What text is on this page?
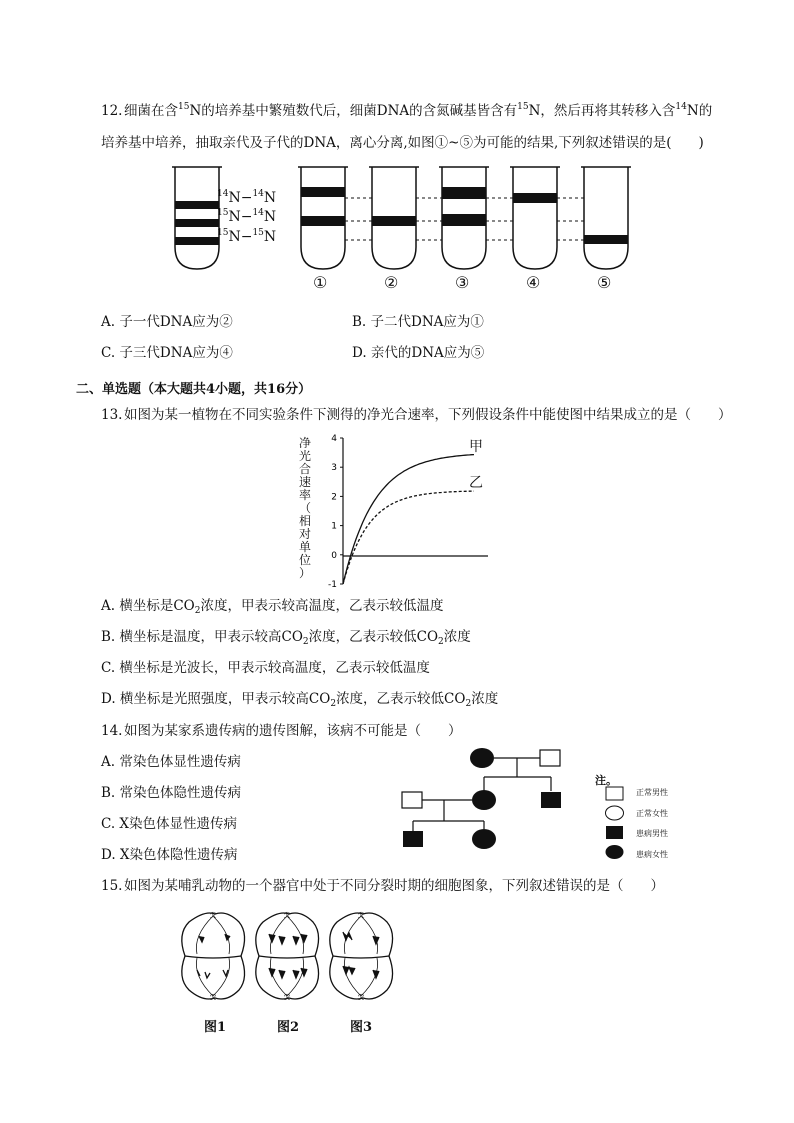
12. 细菌在含$^{15}$N的培养基中繁殖数代后，细菌DNA的含氮碱基皆含有$^{15}$N，然后再将其转移入含$^{14}$N的
培养基中培养，抽取亲代及子代的DNA，离心分离,如图①~⑤为可能的结果,下列叙述错误的是(　　)
$^{14}$N−$^{14}$N
$^{15}$N−$^{14}$N
$^{15}$N−$^{15}$N
①	②	③	④	⑤
A. 子一代DNA应为②	B. 子二代DNA应为①
C. 子三代DNA应为④	D. 亲代的DNA应为⑤
二、单选题（本大题共4小题，共16分）
13. 如图为某一植物在不同实验条件下测得的净光合速率，下列假设条件中能使图中结果成立的是（　　）
净
光
合
速
率
（
相
对
单
位
）
4
3
2
1
0
-1
甲
乙
A. 横坐标是$CO_2$浓度，甲表示较高温度，乙表示较低温度
B. 横坐标是温度，甲表示较高$CO_2$浓度，乙表示较低$CO_2$浓度
C. 横坐标是光波长，甲表示较高温度，乙表示较低温度
D. 横坐标是光照强度，甲表示较高$CO_2$浓度，乙表示较低$CO_2$浓度
14. 如图为某家系遗传病的遗传图解，该病不可能是（　　）
A. 常染色体显性遗传病
B. 常染色体隐性遗传病
C. X染色体显性遗传病
D. X染色体隐性遗传病
注。
正常男性
正常女性
患病男性
患病女性
15. 如图为某哺乳动物的一个器官中处于不同分裂时期的细胞图象，下列叙述错误的是（　　）
ℛ
ℛ
ℛ
ℛ
ℛ
ℛ
图1	图2	图3
